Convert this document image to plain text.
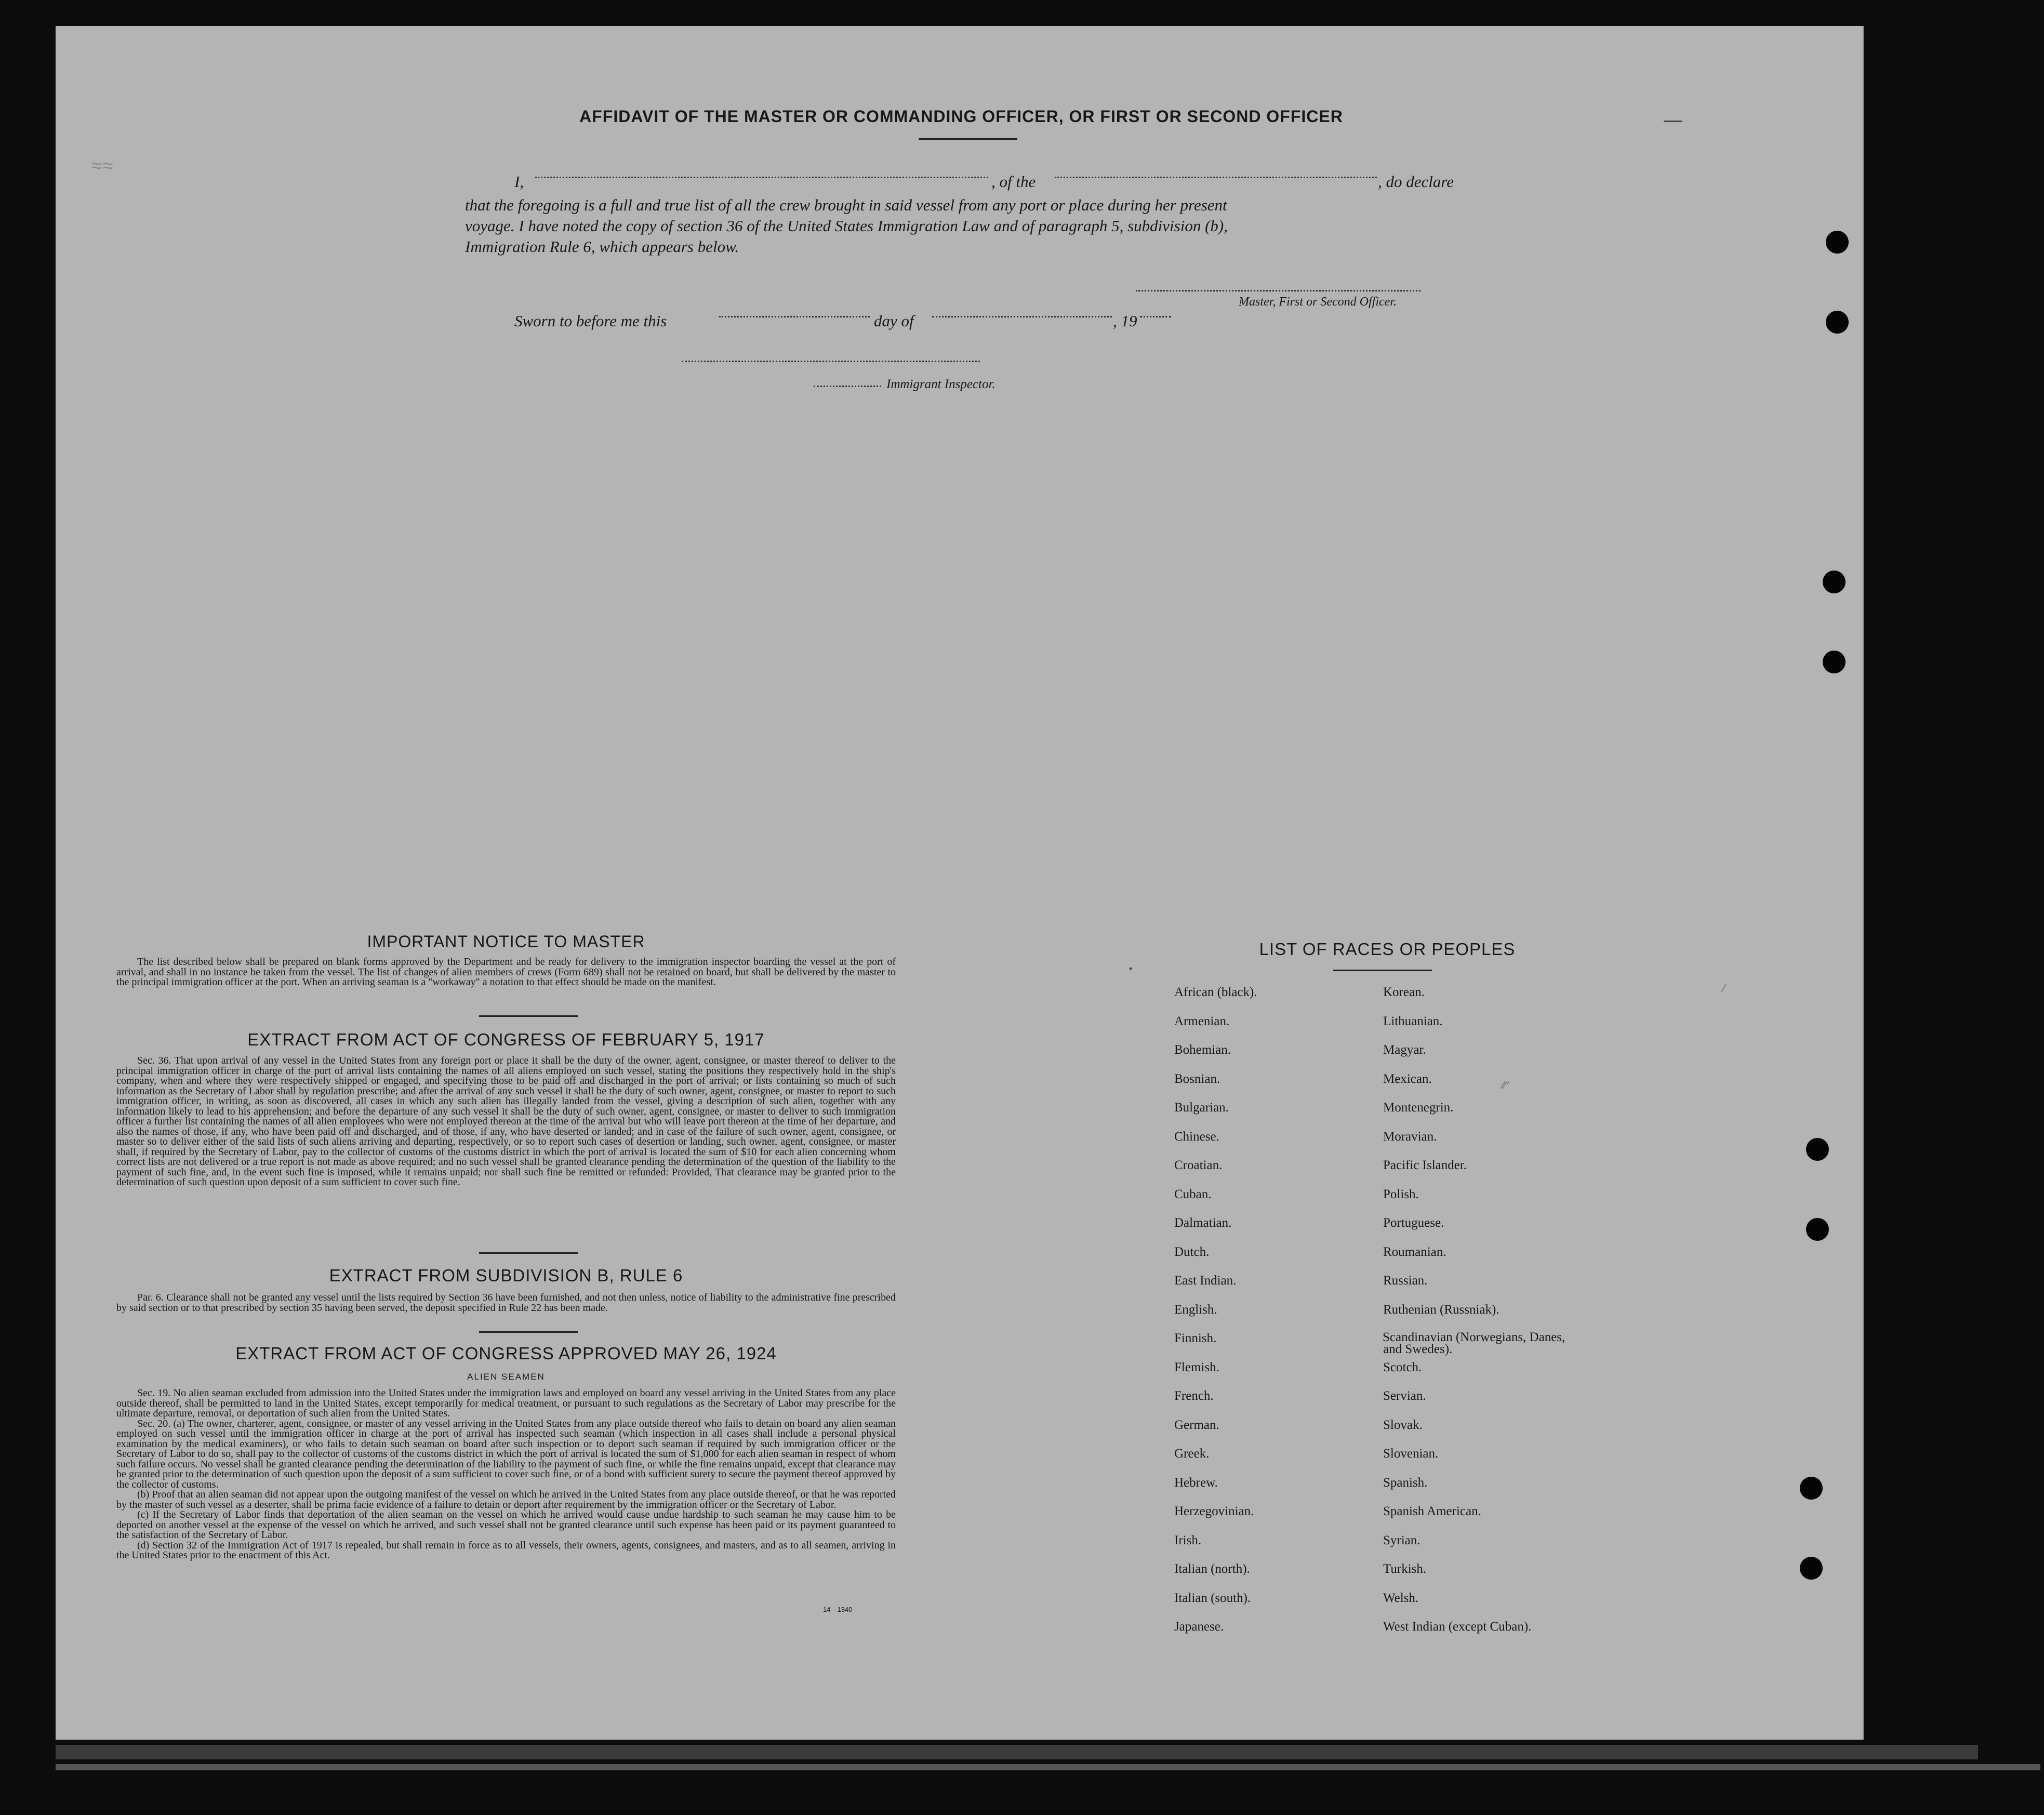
≈≈
AFFIDAVIT OF THE MASTER OR COMMANDING OFFICER, OR FIRST OR SECOND OFFICER
I,	, of the	, do declare
that the foregoing is a full and true list of all the crew brought in said vessel from any port or place during her present
voyage. I have noted the copy of section 36 of the United States Immigration Law and of paragraph 5, subdivision (b),
Immigration Rule 6, which appears below.
Master, First or Second Officer.
Sworn to before me this	day of	, 19
Immigrant Inspector.
IMPORTANT NOTICE TO MASTER

The list described below shall be prepared on blank forms approved by the Department and be ready for delivery to the immigration inspector boarding the vessel at the port of arrival, and shall in no instance be taken from the vessel. The list of changes of alien members of crews (Form 689) shall not be retained on board, but shall be delivered by the master to the principal immigration officer at the port. When an arriving seaman is a "workaway" a notation to that effect should be made on the manifest.

EXTRACT FROM ACT OF CONGRESS OF FEBRUARY 5, 1917

Sec. 36. That upon arrival of any vessel in the United States from any foreign port or place it shall be the duty of the owner, agent, consignee, or master thereof to deliver to the principal immigration officer in charge of the port of arrival lists containing the names of all aliens employed on such vessel, stating the positions they respectively hold in the ship's company, when and where they were respectively shipped or engaged, and specifying those to be paid off and discharged in the port of arrival; or lists containing so much of such information as the Secretary of Labor shall by regulation prescribe; and after the arrival of any such vessel it shall be the duty of such owner, agent, consignee, or master to report to such immigration officer, in writing, as soon as discovered, all cases in which any such alien has illegally landed from the vessel, giving a description of such alien, together with any information likely to lead to his apprehension; and before the departure of any such vessel it shall be the duty of such owner, agent, consignee, or master to deliver to such immigration officer a further list containing the names of all alien employees who were not employed thereon at the time of the arrival but who will leave port thereon at the time of her departure, and also the names of those, if any, who have been paid off and discharged, and of those, if any, who have deserted or landed; and in case of the failure of such owner, agent, consignee, or master so to deliver either of the said lists of such aliens arriving and departing, respectively, or so to report such cases of desertion or landing, such owner, agent, consignee, or master shall, if required by the Secretary of Labor, pay to the collector of customs of the customs district in which the port of arrival is located the sum of $10 for each alien concerning whom correct lists are not delivered or a true report is not made as above required; and no such vessel shall be granted clearance pending the determination of the question of the liability to the payment of such fine, and, in the event such fine is imposed, while it remains unpaid; nor shall such fine be remitted or refunded: Provided, That clearance may be granted prior to the determination of such question upon deposit of a sum sufficient to cover such fine.

EXTRACT FROM SUBDIVISION B, RULE 6

Par. 6. Clearance shall not be granted any vessel until the lists required by Section 36 have been furnished, and not then unless, notice of liability to the administrative fine prescribed by said section or to that prescribed by section 35 having been served, the deposit specified in Rule 22 has been made.

EXTRACT FROM ACT OF CONGRESS APPROVED MAY 26, 1924
ALIEN SEAMEN

Sec. 19. No alien seaman excluded from admission into the United States under the immigration laws and employed on board any vessel arriving in the United States from any place outside thereof, shall be permitted to land in the United States, except temporarily for medical treatment, or pursuant to such regulations as the Secretary of Labor may prescribe for the ultimate departure, removal, or deportation of such alien from the United States.

Sec. 20. (a) The owner, charterer, agent, consignee, or master of any vessel arriving in the United States from any place outside thereof who fails to detain on board any alien seaman employed on such vessel until the immigration officer in charge at the port of arrival has inspected such seaman (which inspection in all cases shall include a personal physical examination by the medical examiners), or who fails to detain such seaman on board after such inspection or to deport such seaman if required by such immigration officer or the Secretary of Labor to do so, shall pay to the collector of customs of the customs district in which the port of arrival is located the sum of $1,000 for each alien seaman in respect of whom such failure occurs. No vessel shall be granted clearance pending the determination of the liability to the payment of such fine, or while the fine remains unpaid, except that clearance may be granted prior to the determination of such question upon the deposit of a sum sufficient to cover such fine, or of a bond with sufficient surety to secure the payment thereof approved by the collector of customs.

(b) Proof that an alien seaman did not appear upon the outgoing manifest of the vessel on which he arrived in the United States from any place outside thereof, or that he was reported by the master of such vessel as a deserter, shall be prima facie evidence of a failure to detain or deport after requirement by the immigration officer or the Secretary of Labor.

(c) If the Secretary of Labor finds that deportation of the alien seaman on the vessel on which he arrived would cause undue hardship to such seaman he may cause him to be deported on another vessel at the expense of the vessel on which he arrived, and such vessel shall not be granted clearance until such expense has been paid or its payment guaranteed to the satisfaction of the Secretary of Labor.

(d) Section 32 of the Immigration Act of 1917 is repealed, but shall remain in force as to all vessels, their owners, agents, consignees, and masters, and as to all seamen, arriving in the United States prior to the enactment of this Act.

14—1340
LIST OF RACES OR PEOPLES
African (black).	Korean.
Armenian.	Lithuanian.
Bohemian.	Magyar.
Bosnian.	Mexican.
Bulgarian.	Montenegrin.
Chinese.	Moravian.
Croatian.	Pacific Islander.
Cuban.	Polish.
Dalmatian.	Portuguese.
Dutch.	Roumanian.
East Indian.	Russian.
English.	Ruthenian (Russniak).
Finnish.	Scandinavian (Norwegians, Danes, and Swedes).
Flemish.	Scotch.
French.	Servian.
German.	Slovak.
Greek.	Slovenian.
Hebrew.	Spanish.
Herzegovinian.	Spanish American.
Irish.	Syrian.
Italian (north).	Turkish.
Italian (south).	Welsh.
Japanese.	West Indian (except Cuban).
⁄
ˑ⁄⁄ᐟ
